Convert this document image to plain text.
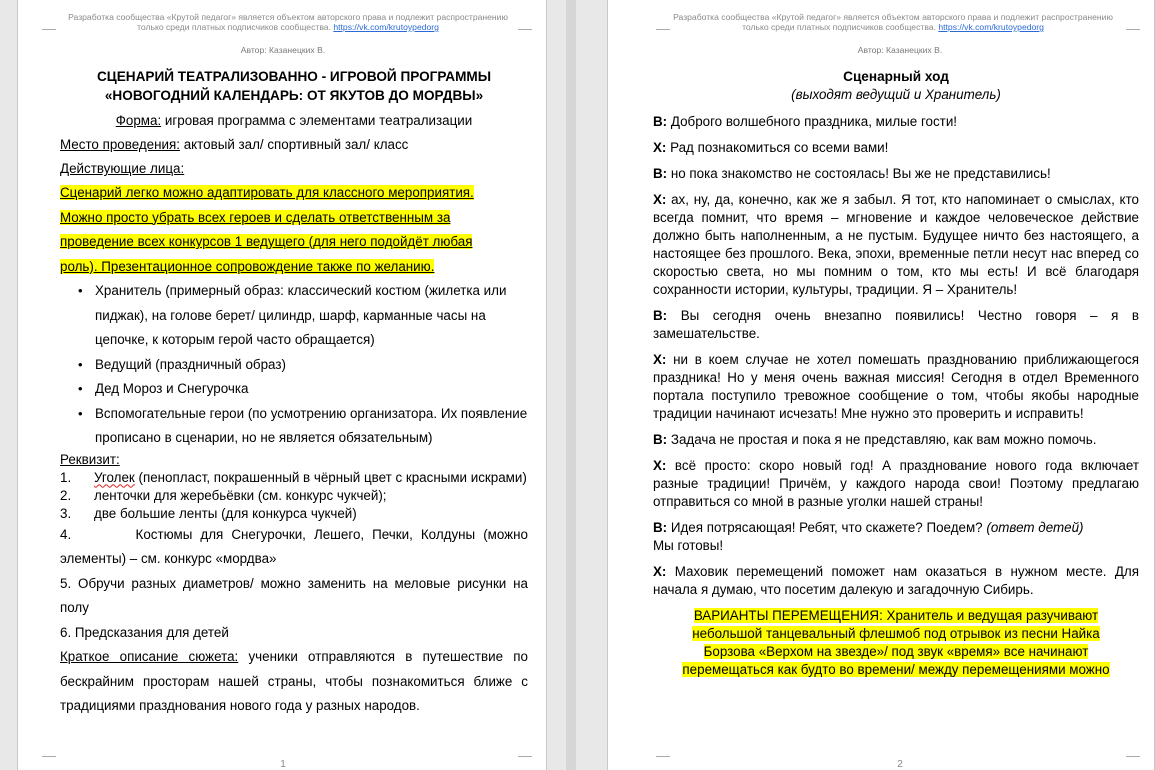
Разработка сообщества «Крутой педагог» является объектом авторского права и подлежит распространению
только среди платных подписчиков сообщества. https://vk.com/krutoypedorg
Автор: Казанецких В.
СЦЕНАРИЙ ТЕАТРАЛИЗОВАННО - ИГРОВОЙ ПРОГРАММЫ
«НОВОГОДНИЙ КАЛЕНДАРЬ: ОТ ЯКУТОВ ДО МОРДВЫ»
Форма: игровая программа с элементами театрализации
Место проведения: актовый зал/ спортивный зал/ класс
Действующие лица:
Сценарий легко можно адаптировать для классного мероприятия.
Можно просто убрать всех героев и сделать ответственным за
проведение всех конкурсов 1 ведущего (для него подойдёт любая
роль). Презентационное сопровождение также по желанию.
• Хранитель (примерный образ: классический костюм (жилетка или пиджак), на голове берет/ цилиндр, шарф, карманные часы на цепочке, к которым герой часто обращается)
• Ведущий (праздничный образ)
• Дед Мороз и Снегурочка
• Вспомогательные герои (по усмотрению организатора. Их появление прописано в сценарии, но не является обязательным)
Реквизит:
1. Уголек (пенопласт, покрашенный в чёрный цвет с красными искрами)
2. ленточки для жеребьёвки (см. конкурс чукчей);
3. две большие ленты (для конкурса чукчей)
4.        Костюмы для Снегурочки, Лешего, Печки, Колдуны (можно элементы) – см. конкурс «мордва»
5. Обручи разных диаметров/ можно заменить на меловые рисунки на полу
6. Предсказания для детей
Краткое описание сюжета: ученики отправляются в путешествие по бескрайним просторам нашей страны, чтобы познакомиться ближе с традициями празднования нового года у разных народов.
1
Разработка сообщества «Крутой педагог» является объектом авторского права и подлежит распространению
только среди платных подписчиков сообщества. https://vk.com/krutoypedorg
Автор: Казанецких В.
Сценарный ход
(выходят ведущий и Хранитель)

В: Доброго волшебного праздника, милые гости!

Х: Рад познакомиться со всеми вами!

В: но пока знакомство не состоялась! Вы же не представились!

Х: ах, ну, да, конечно, как же я забыл. Я тот, кто напоминает о смыслах, кто всегда помнит, что время – мгновение и каждое человеческое действие должно быть наполненным, а не пустым. Будущее ничто без настоящего, а настоящее без прошлого. Века, эпохи, временные петли несут нас вперед со скоростью света, но мы помним о том, кто мы есть! И всё благодаря сохранности истории, культуры, традиции. Я – Хранитель!

В: Вы сегодня очень внезапно появились! Честно говоря – я в замешательстве.

Х: ни в коем случае не хотел помешать празднованию приближающегося праздника! Но у меня очень важная миссия! Сегодня в отдел Временного портала поступило тревожное сообщение о том, чтобы якобы народные традиции начинают исчезать! Мне нужно это проверить и исправить!

В: Задача не простая и пока я не представляю, как вам можно помочь.

Х: всё просто: скоро новый год! А празднование нового года включает разные традиции! Причём, у каждого народа свои! Поэтому предлагаю отправиться со мной в разные уголки нашей страны!

В: Идея потрясающая! Ребят, что скажете? Поедем? (ответ детей)
Мы готовы!

Х: Маховик перемещений поможет нам оказаться в нужном месте. Для начала я думаю, что посетим далекую и загадочную Сибирь.

ВАРИАНТЫ ПЕРЕМЕЩЕНИЯ: Хранитель и ведущая разучивают
небольшой танцевальный флешмоб под отрывок из песни Найка
Борзова «Верхом на звезде»/ под звук «время» все начинают
перемещаться как будто во времени/ между перемещениями можно
2
